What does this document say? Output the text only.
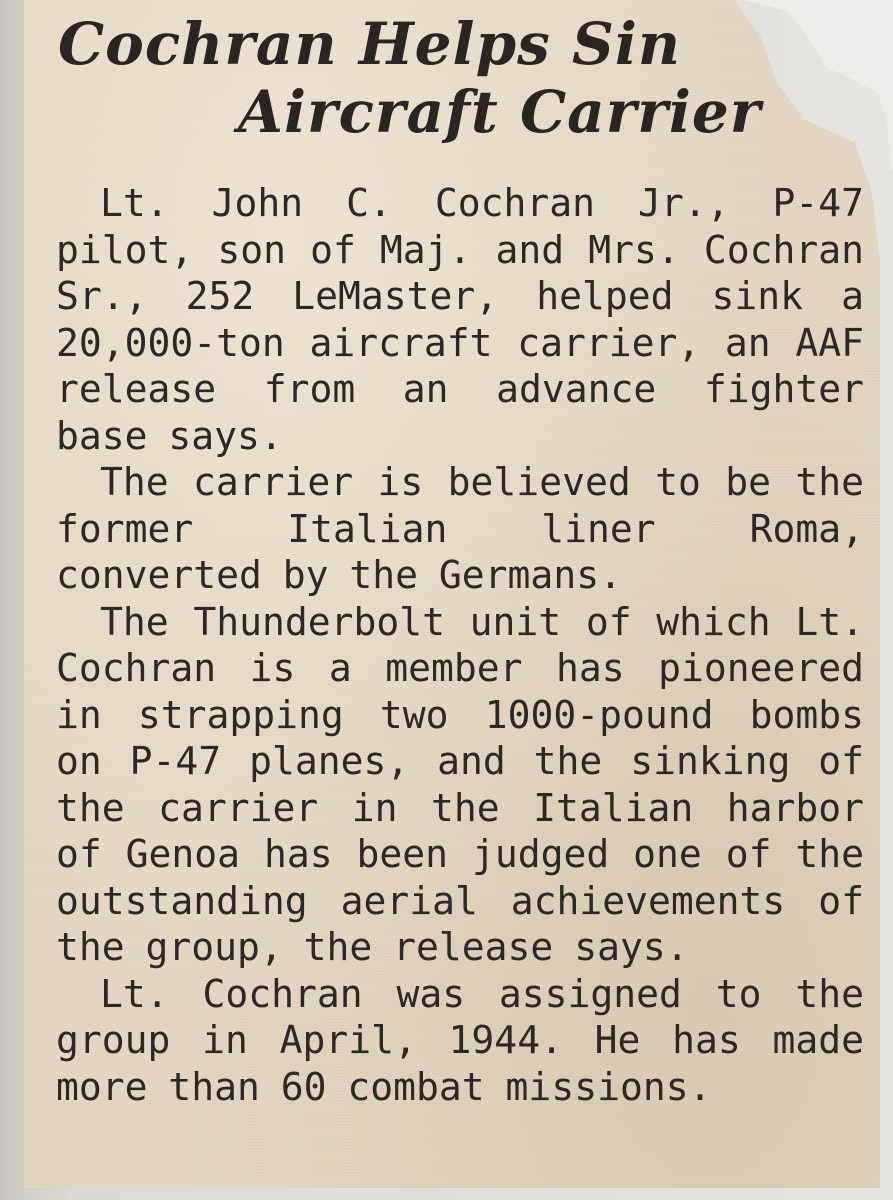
Cochran Helps Sin
Aircraft Carrier

Lt. John C. Cochran Jr., P-47 pilot, son of Maj. and Mrs. Cochran Sr., 252 LeMaster, helped sink a 20,000-ton aircraft carrier, an AAF release from an advance fighter base says.

The carrier is believed to be the former Italian liner Roma, converted by the Germans.

The Thunderbolt unit of which Lt. Cochran is a member has pioneered in strapping two 1000-pound bombs on P-47 planes, and the sinking of the carrier in the Italian harbor of Genoa has been judged one of the outstanding aerial achievements of the group, the release says.

Lt. Cochran was assigned to the group in April, 1944. He has made more than 60 combat missions.
